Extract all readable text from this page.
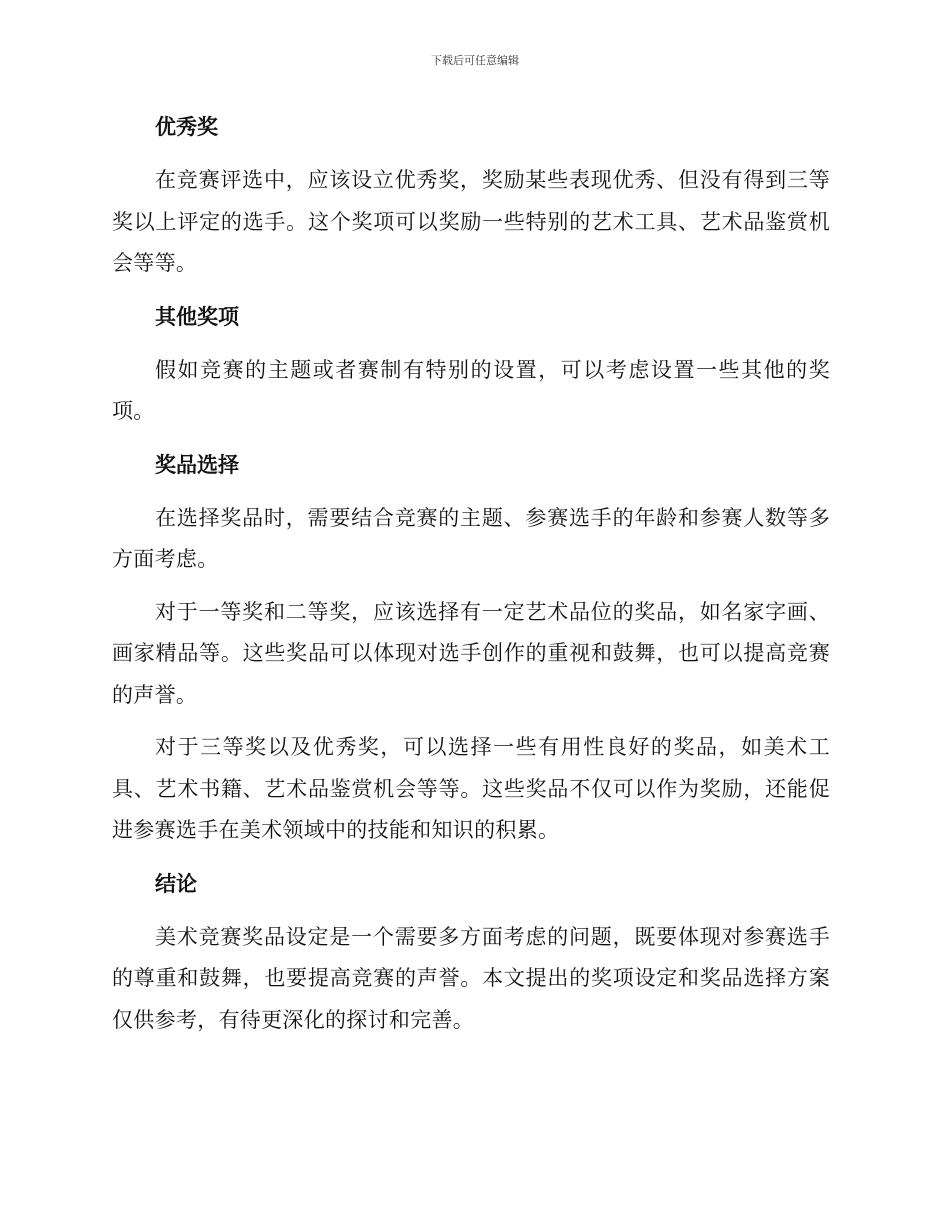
下载后可任意编辑
优秀奖

在竞赛评选中，应该设立优秀奖，奖励某些表现优秀、但没有得到三等奖以上评定的选手。这个奖项可以奖励一些特别的艺术工具、艺术品鉴赏机会等等。

其他奖项

假如竞赛的主题或者赛制有特别的设置，可以考虑设置一些其他的奖项。

奖品选择

在选择奖品时，需要结合竞赛的主题、参赛选手的年龄和参赛人数等多方面考虑。

对于一等奖和二等奖，应该选择有一定艺术品位的奖品，如名家字画、画家精品等。这些奖品可以体现对选手创作的重视和鼓舞，也可以提高竞赛的声誉。

对于三等奖以及优秀奖，可以选择一些有用性良好的奖品，如美术工具、艺术书籍、艺术品鉴赏机会等等。这些奖品不仅可以作为奖励，还能促进参赛选手在美术领域中的技能和知识的积累。

结论

美术竞赛奖品设定是一个需要多方面考虑的问题，既要体现对参赛选手的尊重和鼓舞，也要提高竞赛的声誉。本文提出的奖项设定和奖品选择方案仅供参考，有待更深化的探讨和完善。
